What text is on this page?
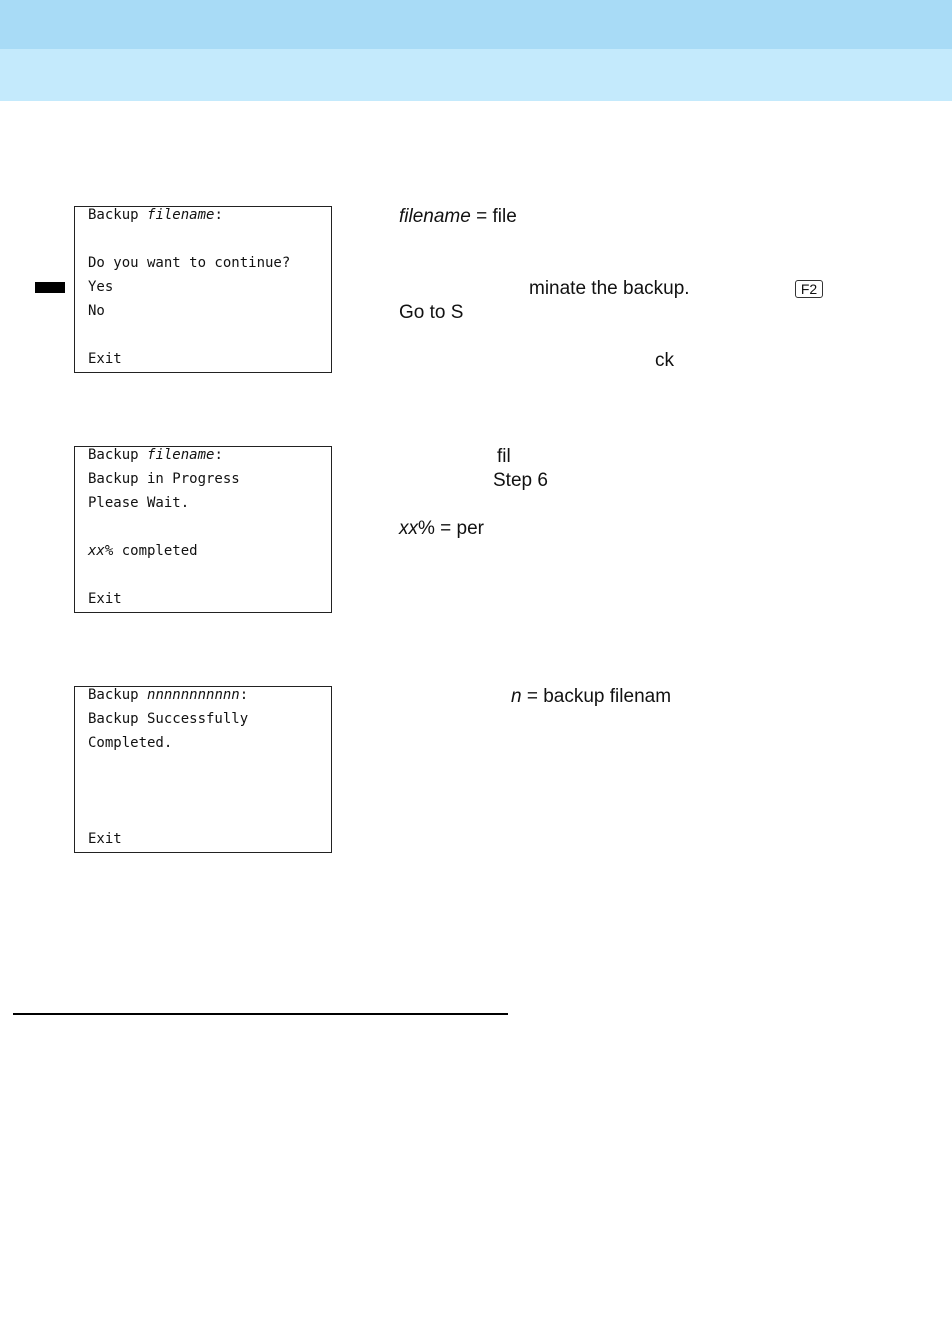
Backup filename:
Do you want to continue?
Yes
No
Exit
Backup filename:
Backup in Progress
Please Wait.
xx% completed
Exit
Backup nnnnnnnnnnn:
Backup Successfully
Completed.
Exit
filename = file
minate the backup.	F2
Go to S
ck
fil
Step 6
xx% = per
n = backup filenam
